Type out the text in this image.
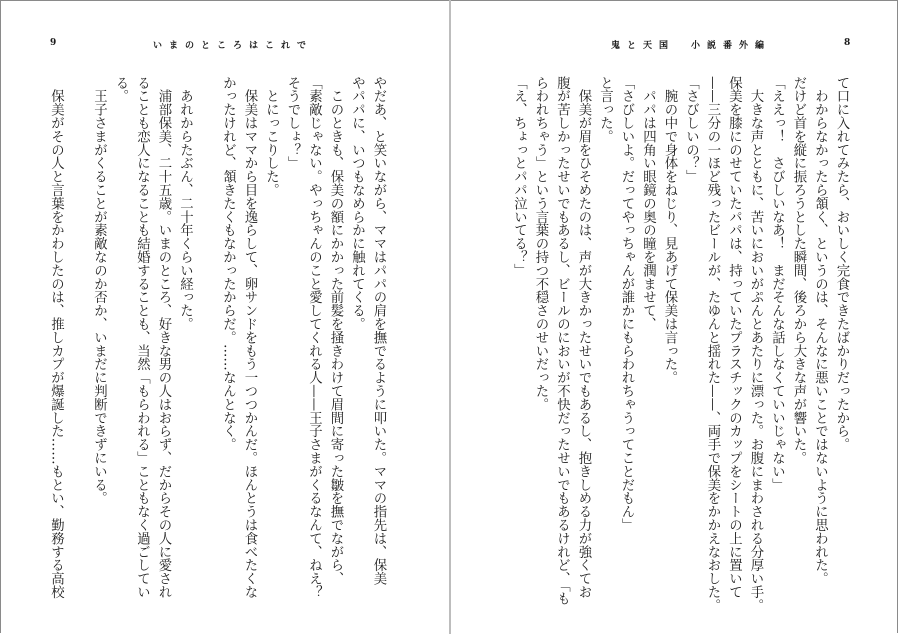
9	いまのところはこれで
やだあ、と笑いながら、ママはパパの肩を撫でるように叩いた。ママの指先は、保美
やパパに、いつもなめらかに触れてくる。
　このときも、保美の額にかかった前髪を掻きわけて眉間に寄った皺を撫でながら、
「素敵じゃない。やっちゃんのこと愛してくれる人——王子さまがくるなんて、ねえ？
そうでしょ？」
　とにっこりした。
　保美はママから目を逸らして、卵サンドをもう一つつかんだ。ほんとうは食べたくな
かったけれど、頷きたくもなかったからだ。……なんとなく。
　あれからたぶん、二十年くらい経った。
　浦部保美、二十五歳。いまのところ、好きな男の人はおらず、だからその人に愛され
ることも恋人になることも結婚することも、当然「もらわれる」こともなく過ごしてい
る。
　王子さまがくることが素敵なのか否か、いまだに判断できずにいる。
　保美がその人と言葉をかわしたのは、推しカプが爆誕した……もとい、勤務する高校
鬼と天国　小説番外編	8
て口に入れてみたら、おいしく完食できたばかりだったから。
　わからなかったら頷く、というのは、そんなに悪いことではないように思われた。
だけど首を縦に振ろうとした瞬間、後ろから大きな声が響いた。
「ええっ！　さびしいなあ！　まだそんな話しなくていいじゃない」
　大きな声とともに、苦いにおいがぷんとあたりに漂った。お腹にまわされる分厚い手。
保美を膝にのせていたパパは、持っていたプラスチックのカップをシートの上に置いて
——三分の一ほど残ったビールが、たゆんと揺れた——、両手で保美をかかえなおした。
「さびしいの？」
　腕の中で身体をねじり、見あげて保美は言った。
　パパは四角い眼鏡の奥の瞳を潤ませて、
「さびしいよ。だってやっちゃんが誰かにもらわれちゃうってことだもん」
と言った。
　保美が眉をひそめたのは、声が大きかったせいでもあるし、抱きしめる力が強くてお
腹が苦しかったせいでもあるし、ビールのにおいが不快だったせいでもあるけれど、「も
らわれちゃう」という言葉の持つ不穏さのせいだった。
「え、ちょっとパパ泣いてる？」
